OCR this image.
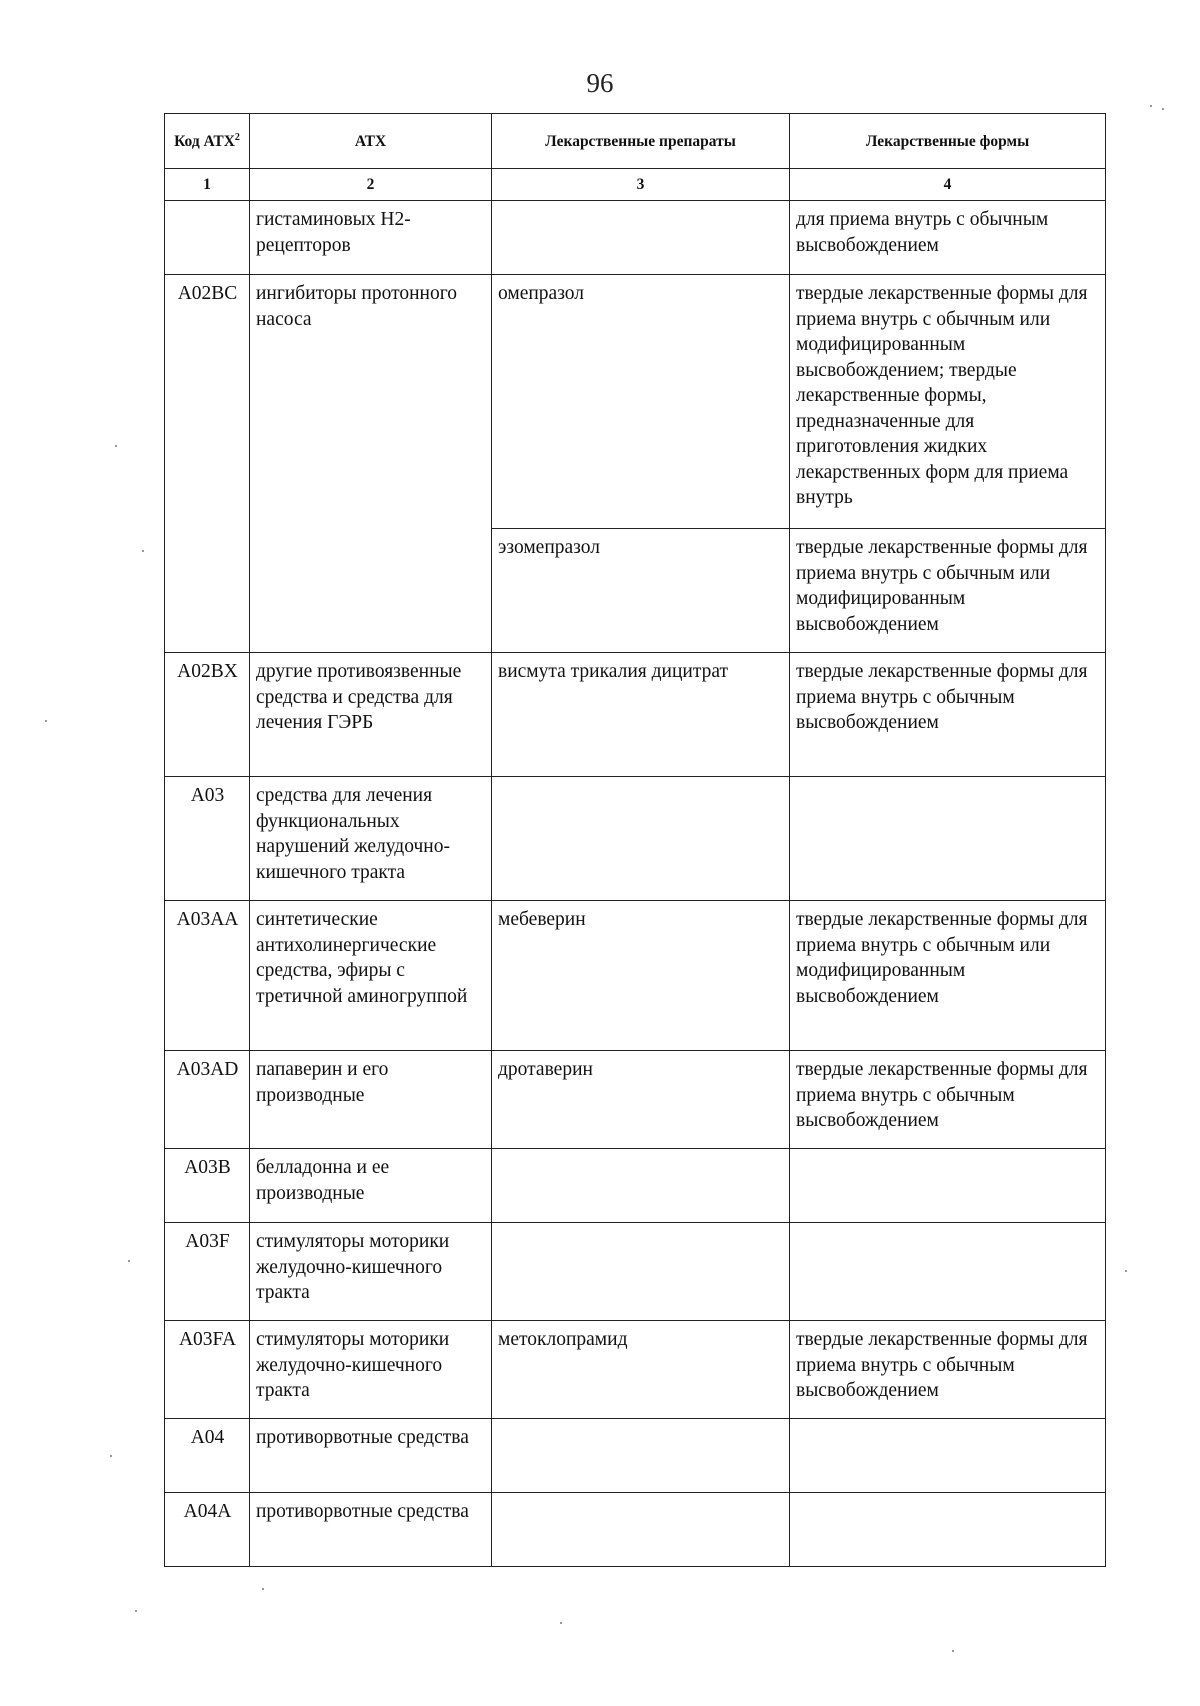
96
Код АТХ$^2$	АТХ	Лекарственные препараты	Лекарственные формы
1	2	3	4
	гистаминовых Н2-рецепторов		для приема внутрь с обычным высвобождением
A02BC	ингибиторы протонного насоса	омепразол	твердые лекарственные формы для приема внутрь с обычным или модифицированным высвобождением; твердые лекарственные формы, предназначенные для приготовления жидких лекарственных форм для приема внутрь
		эзомепразол	твердые лекарственные формы для приема внутрь с обычным или модифицированным высвобождением
A02BX	другие противоязвенные средства и средства для лечения ГЭРБ	висмута трикалия дицитрат	твердые лекарственные формы для приема внутрь с обычным высвобождением
A03	средства для лечения функциональных нарушений желудочно-кишечного тракта		
A03AA	синтетические антихолинергические средства, эфиры с третичной аминогруппой	мебеверин	твердые лекарственные формы для приема внутрь с обычным или модифицированным высвобождением
A03AD	папаверин и его производные	дротаверин	твердые лекарственные формы для приема внутрь с обычным высвобождением
A03B	белладонна и ее производные		
A03F	стимуляторы моторики желудочно-кишечного тракта		
A03FA	стимуляторы моторики желудочно-кишечного тракта	метоклопрамид	твердые лекарственные формы для приема внутрь с обычным высвобождением
A04	противорвотные средства		
A04A	противорвотные средства		
